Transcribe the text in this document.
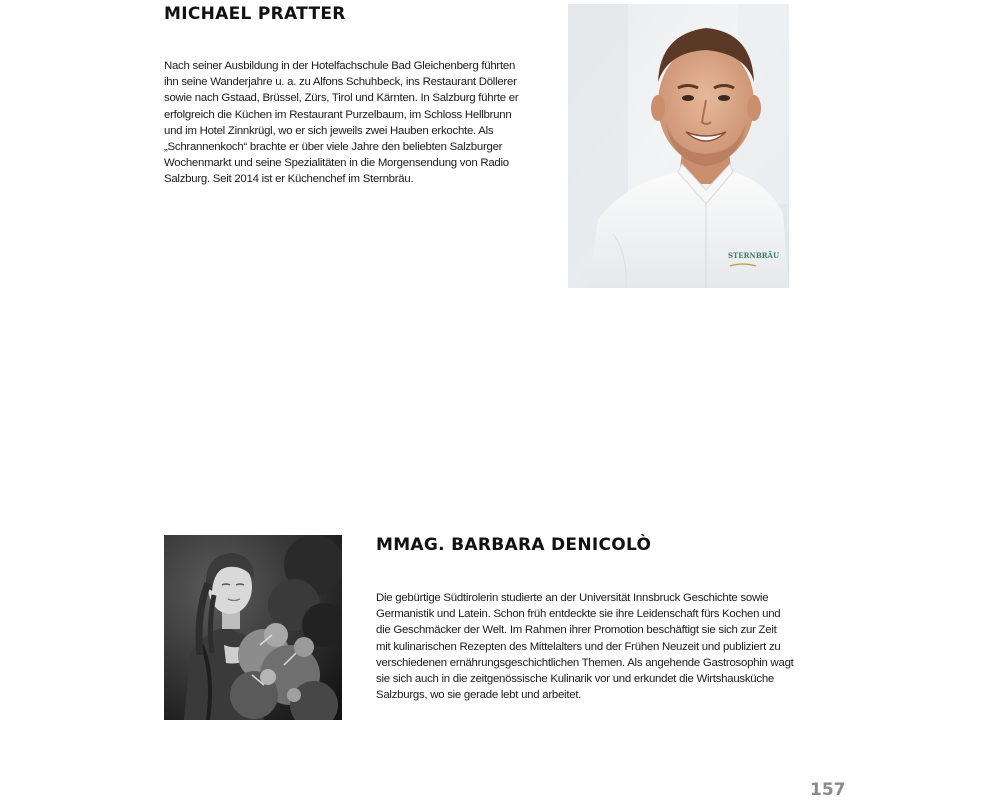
MICHAEL PRATTER
Nach seiner Ausbildung in der Hotelfachschule Bad Gleichenberg führten
ihn seine Wanderjahre u. a. zu Alfons Schuhbeck, ins Restaurant Döllerer
sowie nach Gstaad, Brüssel, Zürs, Tirol und Kärnten. In Salzburg führte er
erfolgreich die Küchen im Restaurant Purzelbaum, im Schloss Hellbrunn
und im Hotel Zinnkrügl, wo er sich jeweils zwei Hauben erkochte. Als
„Schrannenkoch“ brachte er über viele Jahre den beliebten Salzburger
Wochenmarkt und seine Spezialitäten in die Morgensendung von Radio
Salzburg. Seit 2014 ist er Küchenchef im Sternbräu.
STERNBRÄU
MMAG. BARBARA DENICOLÒ
Die gebürtige Südtirolerin studierte an der Universität Innsbruck Geschichte sowie
Germanistik und Latein. Schon früh entdeckte sie ihre Leidenschaft fürs Kochen und
die Geschmäcker der Welt. Im Rahmen ihrer Promotion beschäftigt sie sich zur Zeit
mit kulinarischen Rezepten des Mittelalters und der Frühen Neuzeit und publiziert zu
verschiedenen ernährungsgeschichtlichen Themen. Als angehende Gastrosophin wagt
sie sich auch in die zeitgenössische Kulinarik vor und erkundet die Wirtshausküche
Salzburgs, wo sie gerade lebt und arbeitet.
157
